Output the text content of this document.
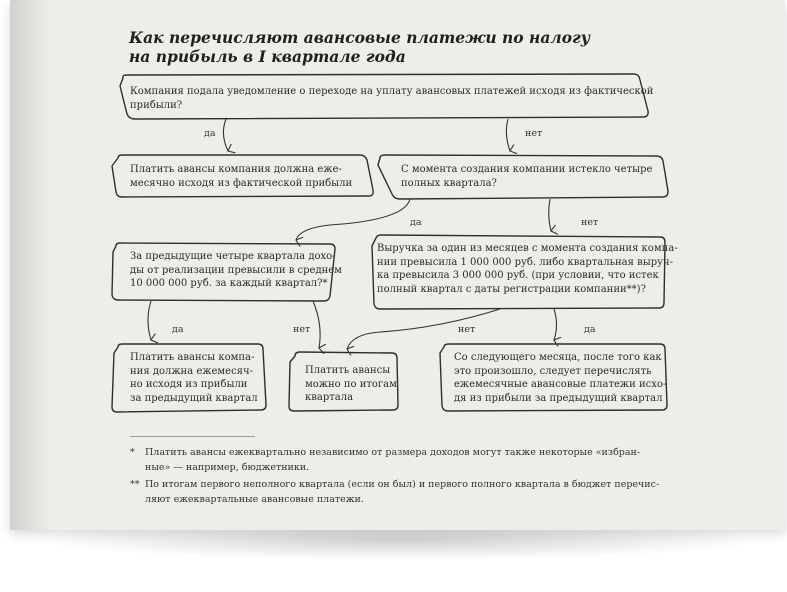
Как перечисляют авансовые платежи по налогу
на прибыль в I квартале года
Компания подала уведомление о переходе на уплату авансовых платежей исходя из фактической
прибыли?
Платить авансы компания должна еже-
месячно исходя из фактической прибыли
С момента создания компании истекло четыре
полных квартала?
За предыдущие четыре квартала дохо-
ды от реализации превысили в среднем
10 000 000 руб. за каждый квартал?*
Выручка за один из месяцев с момента создания компа-
нии превысила 1 000 000 руб. либо квартальная выруч-
ка превысила 3 000 000 руб. (при условии, что истек
полный квартал с даты регистрации компании**)?
Платить авансы компа-
ния должна ежемесяч-
но исходя из прибыли
за предыдущий квартал
Платить авансы
можно по итогам
квартала
Со следующего месяца, после того как
это произошло, следует перечислять
ежемесячные авансовые платежи исхо-
дя из прибыли за предыдущий квартал
да	нет
да	нет
да	нет	нет	да
* Платить авансы ежеквартально независимо от размера доходов могут также некоторые «избран-
ные» — например, бюджетники.
** По итогам первого неполного квартала (если он был) и первого полного квартала в бюджет перечис-
ляют ежеквартальные авансовые платежи.
